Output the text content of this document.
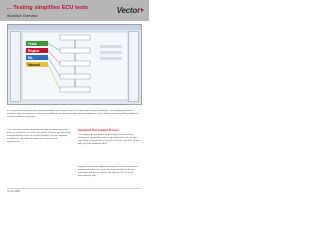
... Testing simplifies ECU tests
Workflow Overview
Vector
Tests
Engine
EIL
Manual
ECU systems are growing ever more demanding; their software must be tested under realistic conditions. Test automation removes repetitive steps so engineers can focus on validating new functions within short development cycles while maintaining full traceability of results throughout the project.
Test cases are created once and executed automatically on the bench, in simulation or on the real vehicle. Reports are generated immediately after each run so that deviations can be analysed quickly and compared with earlier test sessions and specifications.
Structured Test Creation Process
Test sequences are defined graphically or in tabular form. Parameters, stimulation values and expected results are kept separately, so existing tests can be reused for new ECU variants with very little additional effort.
Engineers define the expected behaviour, the tool creates the stimuli and checks the responses automatically. Faults are documented with time stamps and signal traces for every executed test step.
Vector 2018
